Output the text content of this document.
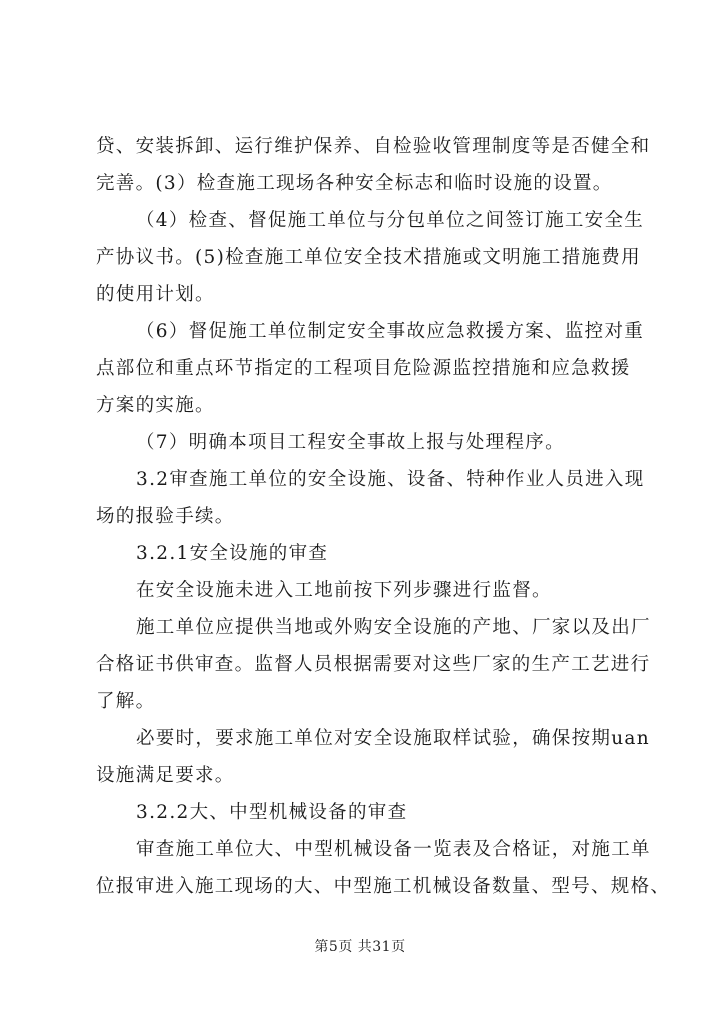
贷、安装拆卸、运行维护保养、自检验收管理制度等是否健全和
完善。(3）检查施工现场各种安全标志和临时设施的设置。
（4）检查、督促施工单位与分包单位之间签订施工安全生
产协议书。(5)检查施工单位安全技术措施或文明施工措施费用
的使用计划。
（6）督促施工单位制定安全事故应急救援方案、监控对重
点部位和重点环节指定的工程项目危险源监控措施和应急救援
方案的实施。
（7）明确本项目工程安全事故上报与处理程序。
3.2审查施工单位的安全设施、设备、特种作业人员进入现
场的报验手续。
3.2.1安全设施的审查
在安全设施未进入工地前按下列步骤进行监督。
施工单位应提供当地或外购安全设施的产地、厂家以及出厂
合格证书供审查。监督人员根据需要对这些厂家的生产工艺进行
了解。
必要时，要求施工单位对安全设施取样试验，确保按期uan
设施满足要求。
3.2.2大、中型机械设备的审查
审查施工单位大、中型机械设备一览表及合格证，对施工单
位报审进入施工现场的大、中型施工机械设备数量、型号、规格、
第5页 共31页
